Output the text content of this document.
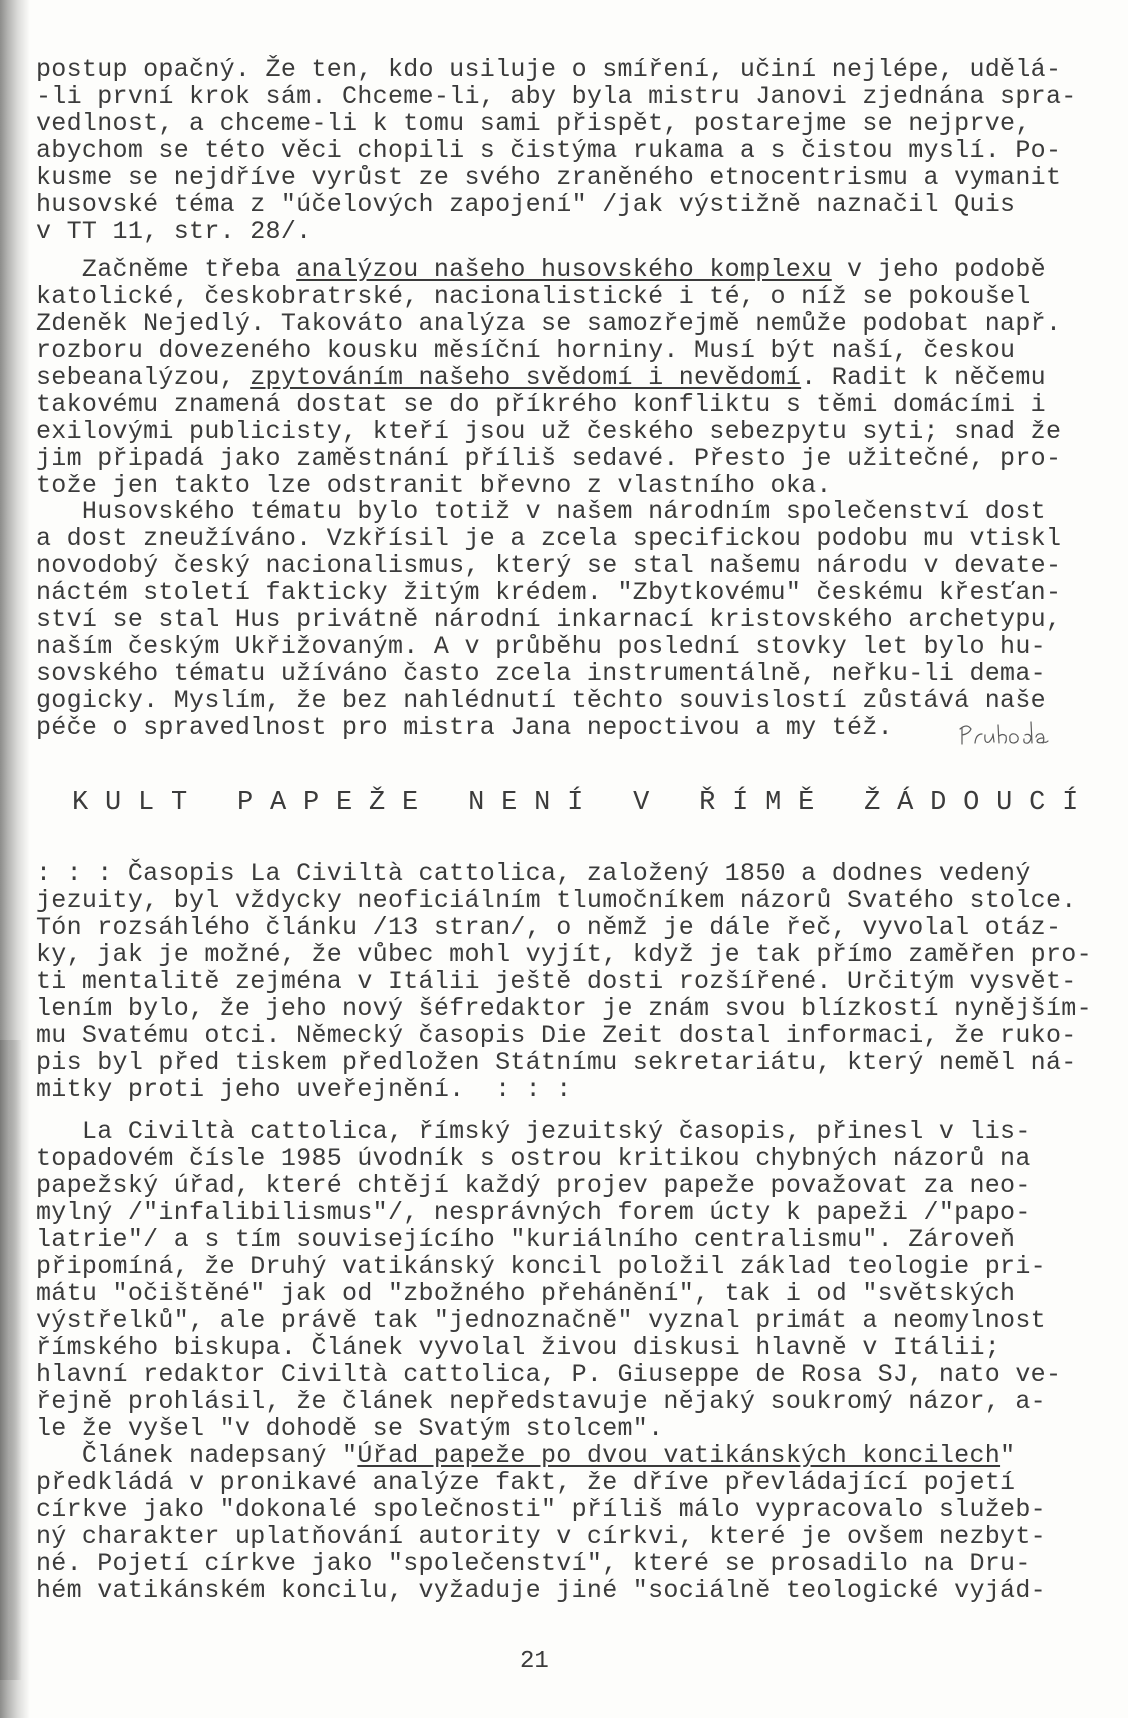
postup opačný. Že ten, kdo usiluje o smíření, učiní nejlépe, udělá-
-li první krok sám. Chceme-li, aby byla mistru Janovi zjednána spra-
vedlnost, a chceme-li k tomu sami přispět, postarejme se nejprve,
abychom se této věci chopili s čistýma rukama a s čistou myslí. Po-
kusme se nejdříve vyrůst ze svého zraněného etnocentrismu a vymanit
husovské téma z "účelových zapojení" /jak výstižně naznačil Quis
v TT 11, str. 28/.
Začněme třeba analýzou našeho husovského komplexu v jeho podobě
katolické, českobratrské, nacionalistické i té, o níž se pokoušel
Zdeněk Nejedlý. Takováto analýza se samozřejmě nemůže podobat např.
rozboru dovezeného kousku měsíční horniny. Musí být naší, českou
sebeanalýzou, zpytováním našeho svědomí i nevědomí. Radit k něčemu
takovému znamená dostat se do příkrého konfliktu s těmi domácími i
exilovými publicisty, kteří jsou už českého sebezpytu syti; snad že
jim připadá jako zaměstnání příliš sedavé. Přesto je užitečné, pro-
tože jen takto lze odstranit břevno z vlastního oka.
Husovského tématu bylo totiž v našem národním společenství dost
a dost zneužíváno. Vzkřísil je a zcela specifickou podobu mu vtiskl
novodobý český nacionalismus, který se stal našemu národu v devate-
náctém století fakticky žitým krédem. "Zbytkovému" českému křesťan-
ství se stal Hus privátně národní inkarnací kristovského archetypu,
naším českým Ukřižovaným. A v průběhu poslední stovky let bylo hu-
sovského tématu užíváno často zcela instrumentálně, neřku-li dema-
gogicky. Myslím, že bez nahlédnutí těchto souvislostí zůstává naše
péče o spravedlnost pro mistra Jana nepoctivou a my též.
K U L T   P A P E Ž E   N E N Í   V   Ř Í M Ě   Ž Á D O U C Í
: : : Časopis La Civiltà cattolica, založený 1850 a dodnes vedený
jezuity, byl vždycky neoficiálním tlumočníkem názorů Svatého stolce.
Tón rozsáhlého článku /13 stran/, o němž je dále řeč, vyvolal otáz-
ky, jak je možné, že vůbec mohl vyjít, když je tak přímo zaměřen pro-
ti mentalitě zejména v Itálii ještě dosti rozšířené. Určitým vysvět-
lením bylo, že jeho nový šéfredaktor je znám svou blízkostí nynějším-
mu Svatému otci. Německý časopis Die Zeit dostal informaci, že ruko-
pis byl před tiskem předložen Státnímu sekretariátu, který neměl ná-
mitky proti jeho uveřejnění.  : : :
La Civiltà cattolica, římský jezuitský časopis, přinesl v lis-
topadovém čísle 1985 úvodník s ostrou kritikou chybných názorů na
papežský úřad, které chtějí každý projev papeže považovat za neo-
mylný /"infalibilismus"/, nesprávných forem úcty k papeži /"papo-
latrie"/ a s tím souvisejícího "kuriálního centralismu". Zároveň
připomíná, že Druhý vatikánský koncil položil základ teologie pri-
mátu "očištěné" jak od "zbožného přehánění", tak i od "světských
výstřelků", ale právě tak "jednoznačně" vyznal primát a neomylnost
římského biskupa. Článek vyvolal živou diskusi hlavně v Itálii;
hlavní redaktor Civiltà cattolica, P. Giuseppe de Rosa SJ, nato ve-
řejně prohlásil, že článek nepředstavuje nějaký soukromý názor, a-
le že vyšel "v dohodě se Svatým stolcem".
Článek nadepsaný "Úřad papeže po dvou vatikánských koncilech"
předkládá v pronikavé analýze fakt, že dříve převládající pojetí
církve jako "dokonalé společnosti" příliš málo vypracovalo služeb-
ný charakter uplatňování autority v církvi, které je ovšem nezbyt-
né. Pojetí církve jako "společenství", které se prosadilo na Dru-
hém vatikánském koncilu, vyžaduje jiné "sociálně teologické vyjád-
21
